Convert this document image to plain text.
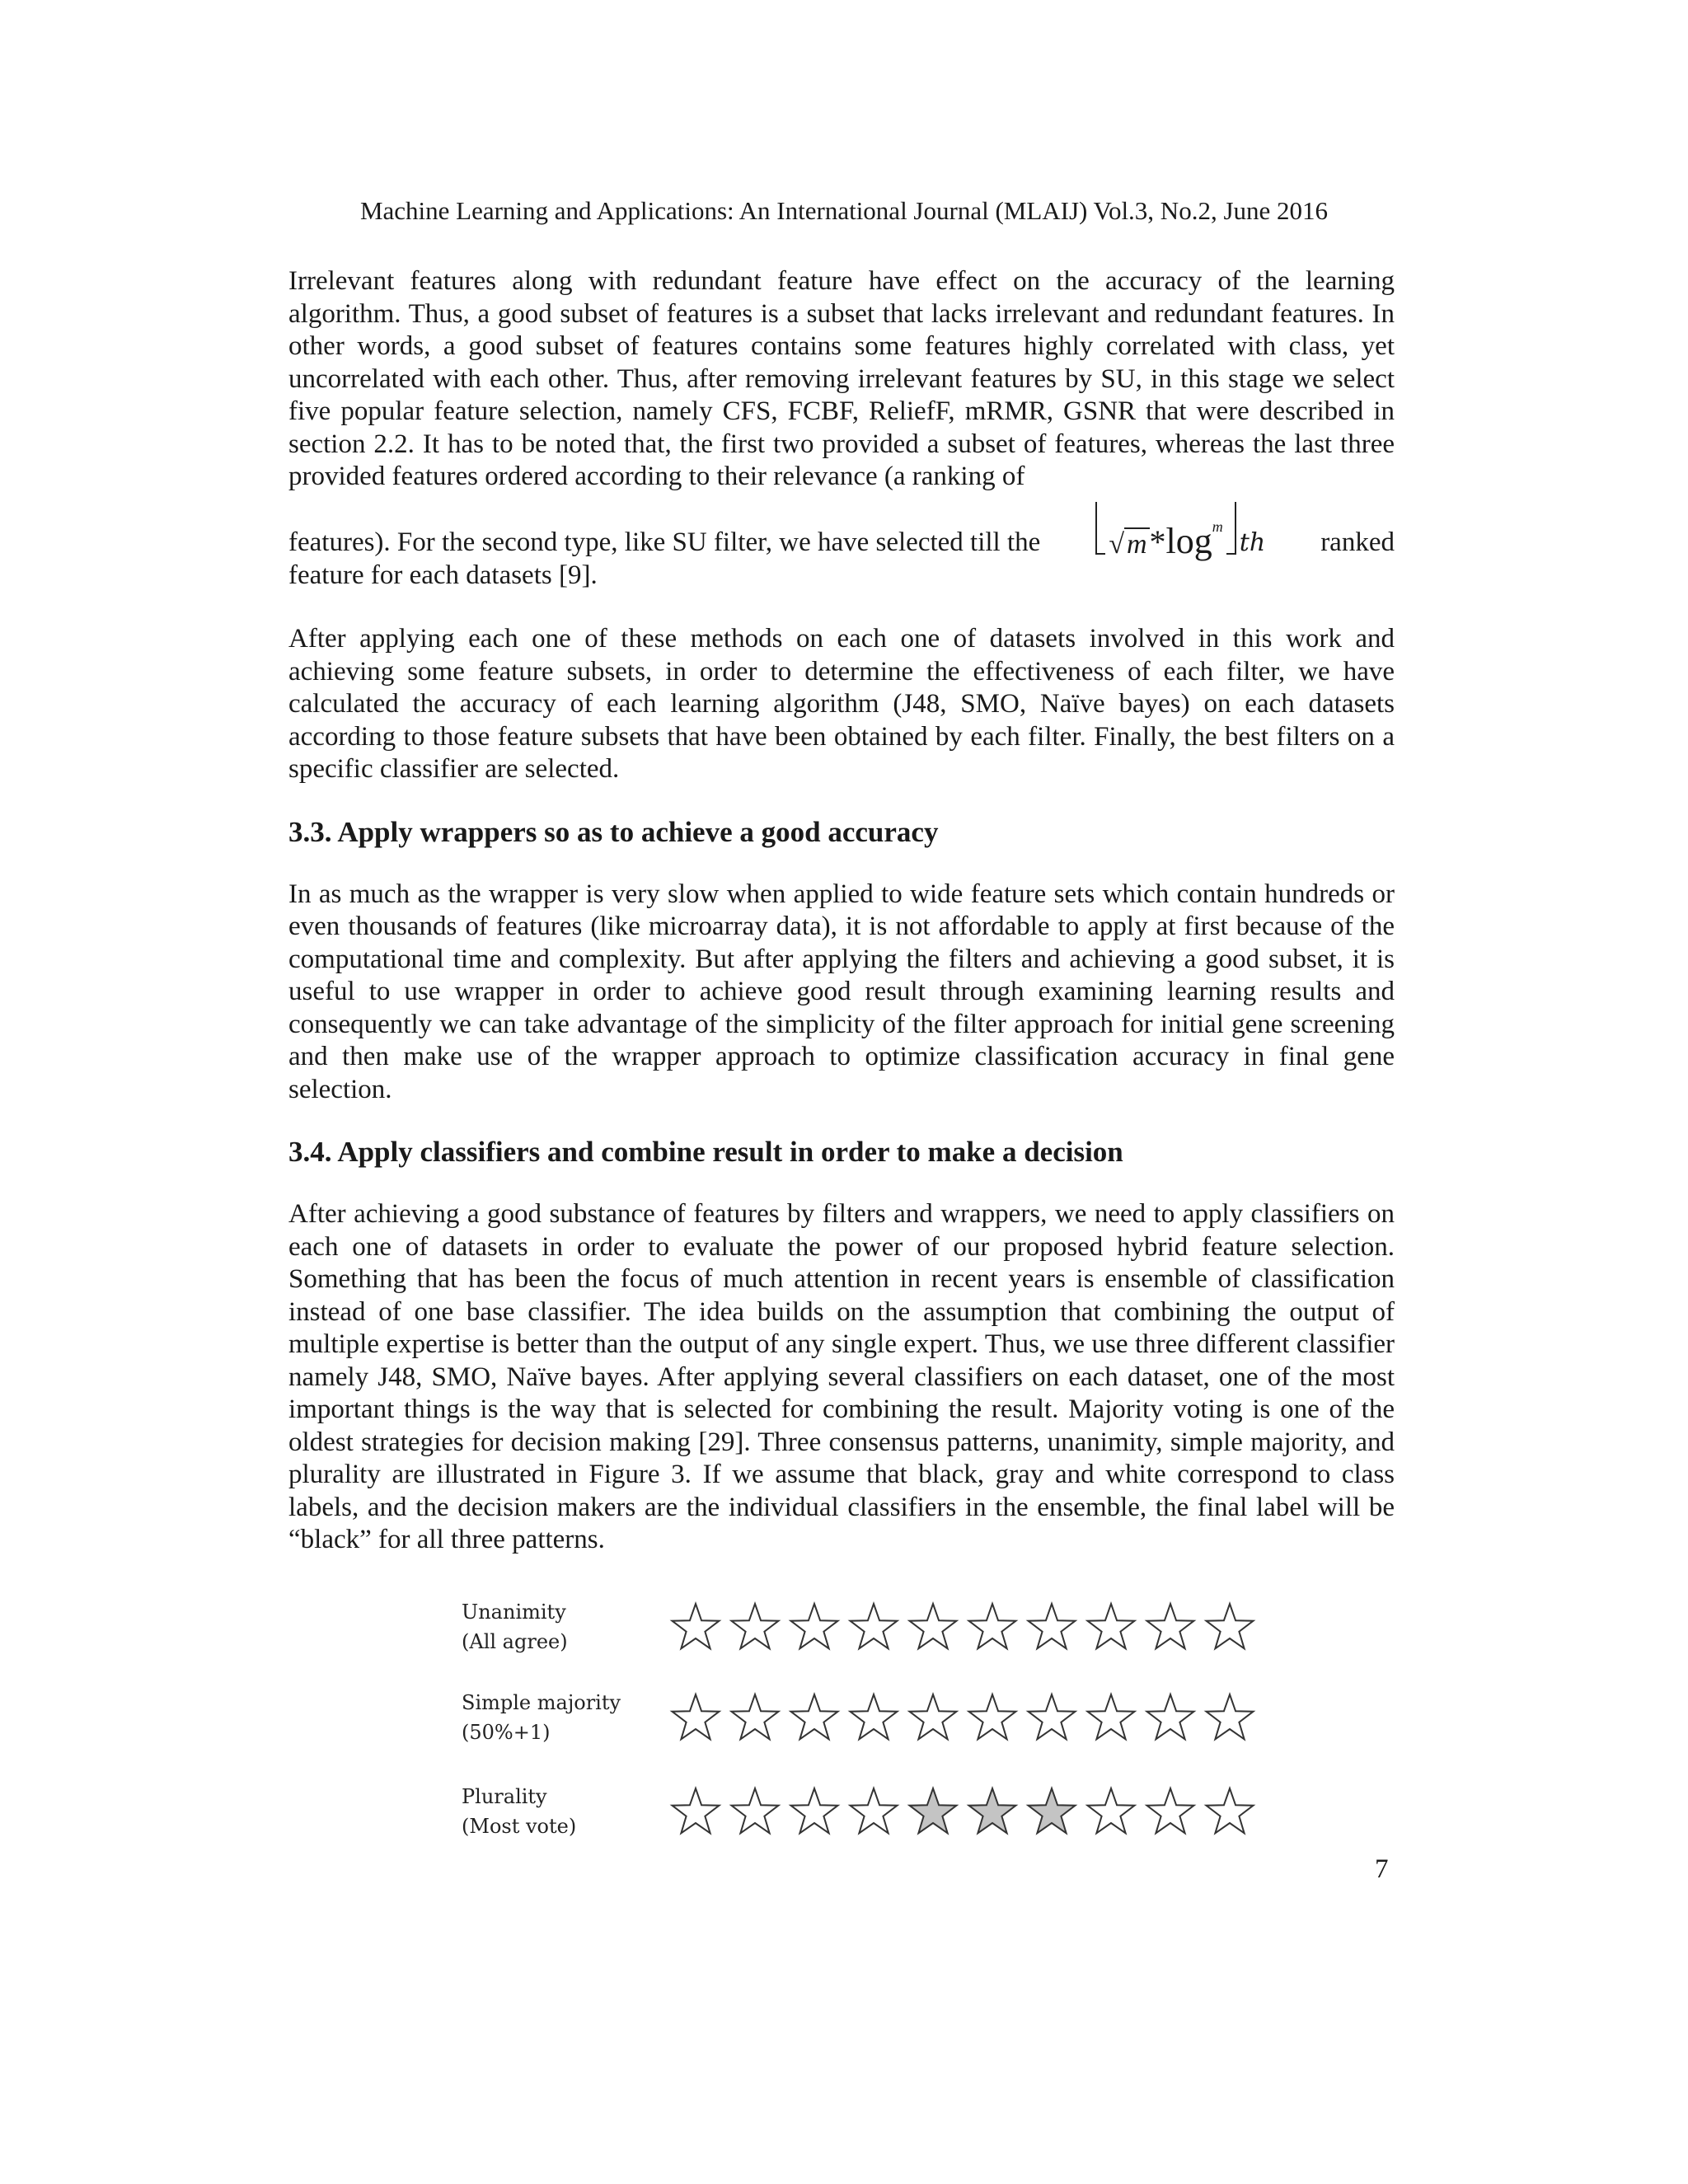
Machine Learning and Applications: An International Journal (MLAIJ) Vol.3, No.2, June 2016

Irrelevant features along with redundant feature have effect on the accuracy of the learning algorithm. Thus, a good subset of features is a subset that lacks irrelevant and redundant features. In other words, a good subset of features contains some features highly correlated with class, yet uncorrelated with each other. Thus, after removing irrelevant features by SU, in this stage we select five popular feature selection, namely CFS, FCBF, ReliefF, mRMR, GSNR that were described in section 2.2. It has to be noted that, the first two provided a subset of features, whereas the last three provided features ordered according to their relevance (a ranking of

features). For the second type, like SU filter, we have selected till the	$√m*\log^m$
th ranked

feature for each datasets [9].

After applying each one of these methods on each one of datasets involved in this work and achieving some feature subsets, in order to determine the effectiveness of each filter, we have calculated the accuracy of each learning algorithm (J48, SMO, Naïve bayes) on each datasets according to those feature subsets that have been obtained by each filter. Finally, the best filters on a specific classifier are selected.

3.3. Apply wrappers so as to achieve a good accuracy

In as much as the wrapper is very slow when applied to wide feature sets which contain hundreds or even thousands of features (like microarray data), it is not affordable to apply at first because of the computational time and complexity. But after applying the filters and achieving a good subset, it is useful to use wrapper in order to achieve good result through examining learning results and consequently we can take advantage of the simplicity of the filter approach for initial gene screening and then make use of the wrapper approach to optimize classification accuracy in final gene selection.

3.4. Apply classifiers and combine result in order to make a decision

After achieving a good substance of features by filters and wrappers, we need to apply classifiers on each one of datasets in order to evaluate the power of our proposed hybrid feature selection. Something that has been the focus of much attention in recent years is ensemble of classification instead of one base classifier. The idea builds on the assumption that combining the output of multiple expertise is better than the output of any single expert. Thus, we use three different classifier namely J48, SMO, Naïve bayes. After applying several classifiers on each dataset, one of the most important things is the way that is selected for combining the result. Majority voting is one of the oldest strategies for decision making [29]. Three consensus patterns, unanimity, simple majority, and plurality are illustrated in Figure 3. If we assume that black, gray and white correspond to class labels, and the decision makers are the individual classifiers in the ensemble, the final label will be “black” for all three patterns.

Unanimity
(All agree)
Simple majority
(50%+1)
Plurality
(Most vote)
7
